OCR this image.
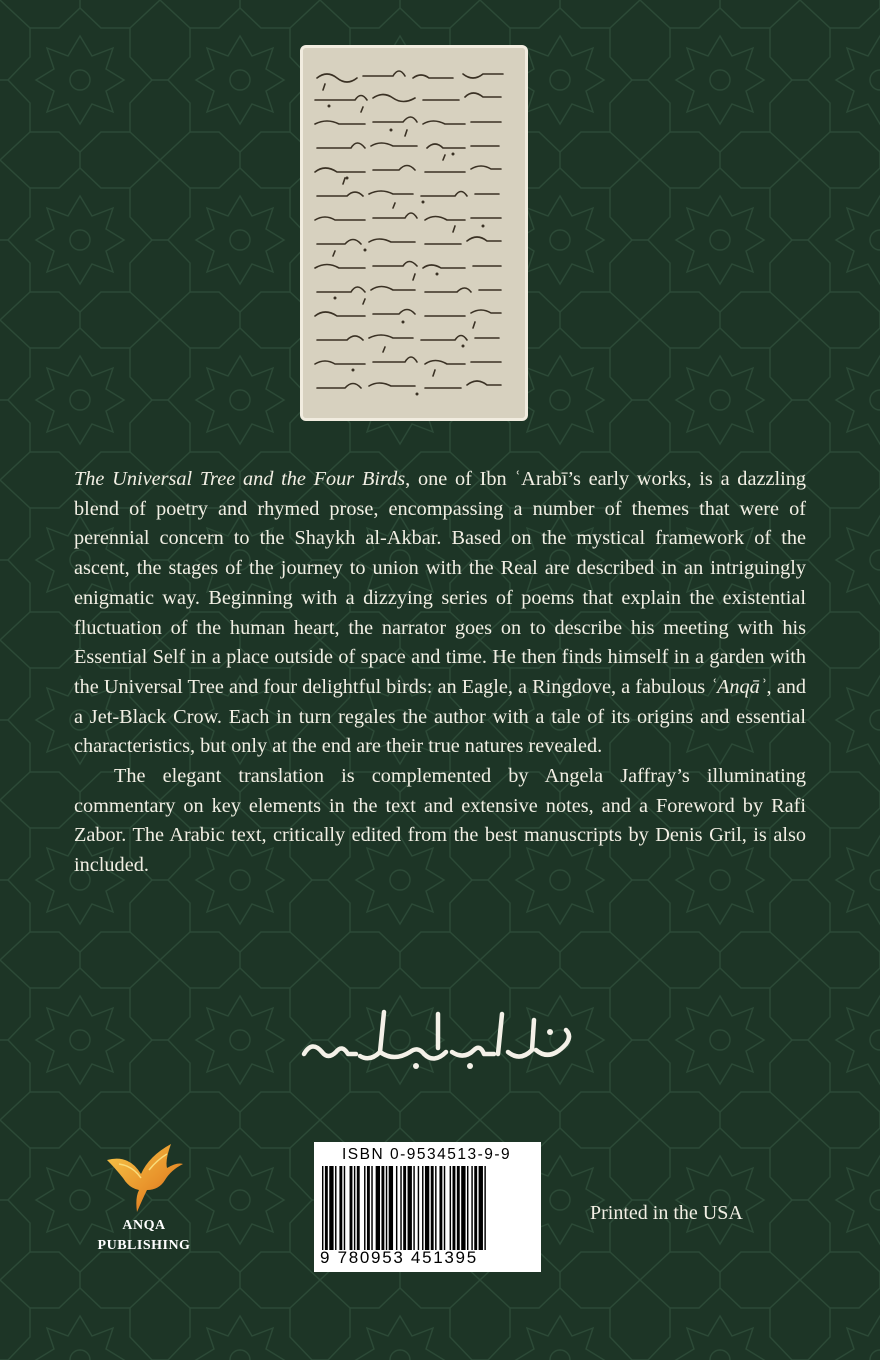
The Universal Tree and the Four Birds, one of Ibn ʿArabī’s early works, is a dazzling blend of poetry and rhymed prose, encompassing a number of themes that were of perennial concern to the Shaykh al-Akbar. Based on the mystical framework of the ascent, the stages of the journey to union with the Real are described in an intriguingly enigmatic way. Beginning with a dizzying series of poems that explain the existential fluctuation of the human heart, the narrator goes on to describe his meeting with his Essential Self in a place outside of space and time. He then finds himself in a garden with the Universal Tree and four delightful birds: an Eagle, a Ringdove, a fabulous ʿAnqāʾ, and a Jet-Black Crow. Each in turn regales the author with a tale of its origins and essential characteristics, but only at the end are their true natures revealed.

The elegant translation is complemented by Angela Jaffray’s illuminating commentary on key elements in the text and extensive notes, and a Foreword by Rafi Zabor. The Arabic text, critically edited from the best manuscripts by Denis Gril, is also included.

ANQA
PUBLISHING
ISBN 0-9534513-9-9
9 780953 451395
Printed in the USA
